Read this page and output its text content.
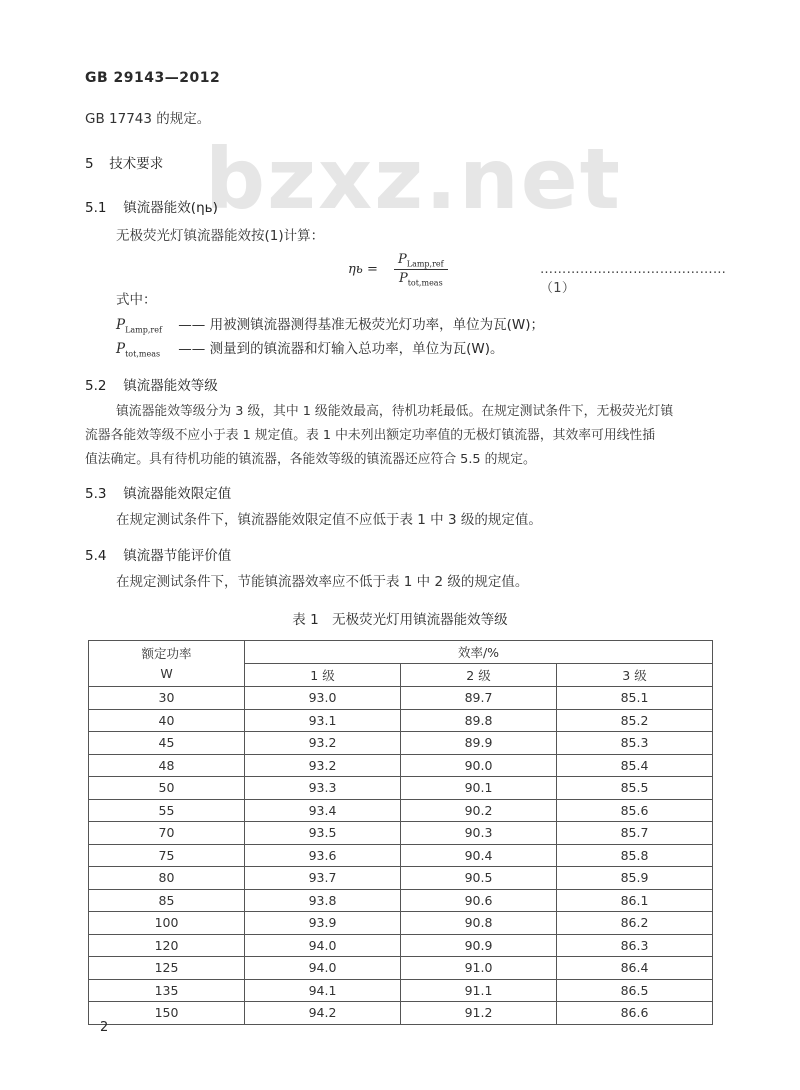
GB 29143—2012
bzxz.net
GB 17743 的规定。
5 技术要求
5.1 镇流器能效(ηь)
无极荧光灯镇流器能效按(1)计算：
ηь =
$P_{Lamp,ref}$
$P_{tot,meas}$
……………………………………（1）
式中：
$P_{Lamp,ref}$ —— 用被测镇流器测得基准无极荧光灯功率，单位为瓦(W)；
$P_{tot,meas}$ —— 测量到的镇流器和灯输入总功率，单位为瓦(W)。
5.2 镇流器能效等级
镇流器能效等级分为 3 级，其中 1 级能效最高，待机功耗最低。在规定测试条件下，无极荧光灯镇
流器各能效等级不应小于表 1 规定值。表 1 中未列出额定功率值的无极灯镇流器，其效率可用线性插
值法确定。具有待机功能的镇流器，各能效等级的镇流器还应符合 5.5 的规定。
5.3 镇流器能效限定值
在规定测试条件下，镇流器能效限定值不应低于表 1 中 3 级的规定值。
5.4 镇流器节能评价值
在规定测试条件下，节能镇流器效率应不低于表 1 中 2 级的规定值。
表 1　无极荧光灯用镇流器能效等级
额定功率
W	效率/%		
	1 级	2 级	3 级
30	93.0	89.7	85.1
40	93.1	89.8	85.2
45	93.2	89.9	85.3
48	93.2	90.0	85.4
50	93.3	90.1	85.5
55	93.4	90.2	85.6
70	93.5	90.3	85.7
75	93.6	90.4	85.8
80	93.7	90.5	85.9
85	93.8	90.6	86.1
100	93.9	90.8	86.2
120	94.0	90.9	86.3
125	94.0	91.0	86.4
135	94.1	91.1	86.5
150	94.2	91.2	86.6
2
